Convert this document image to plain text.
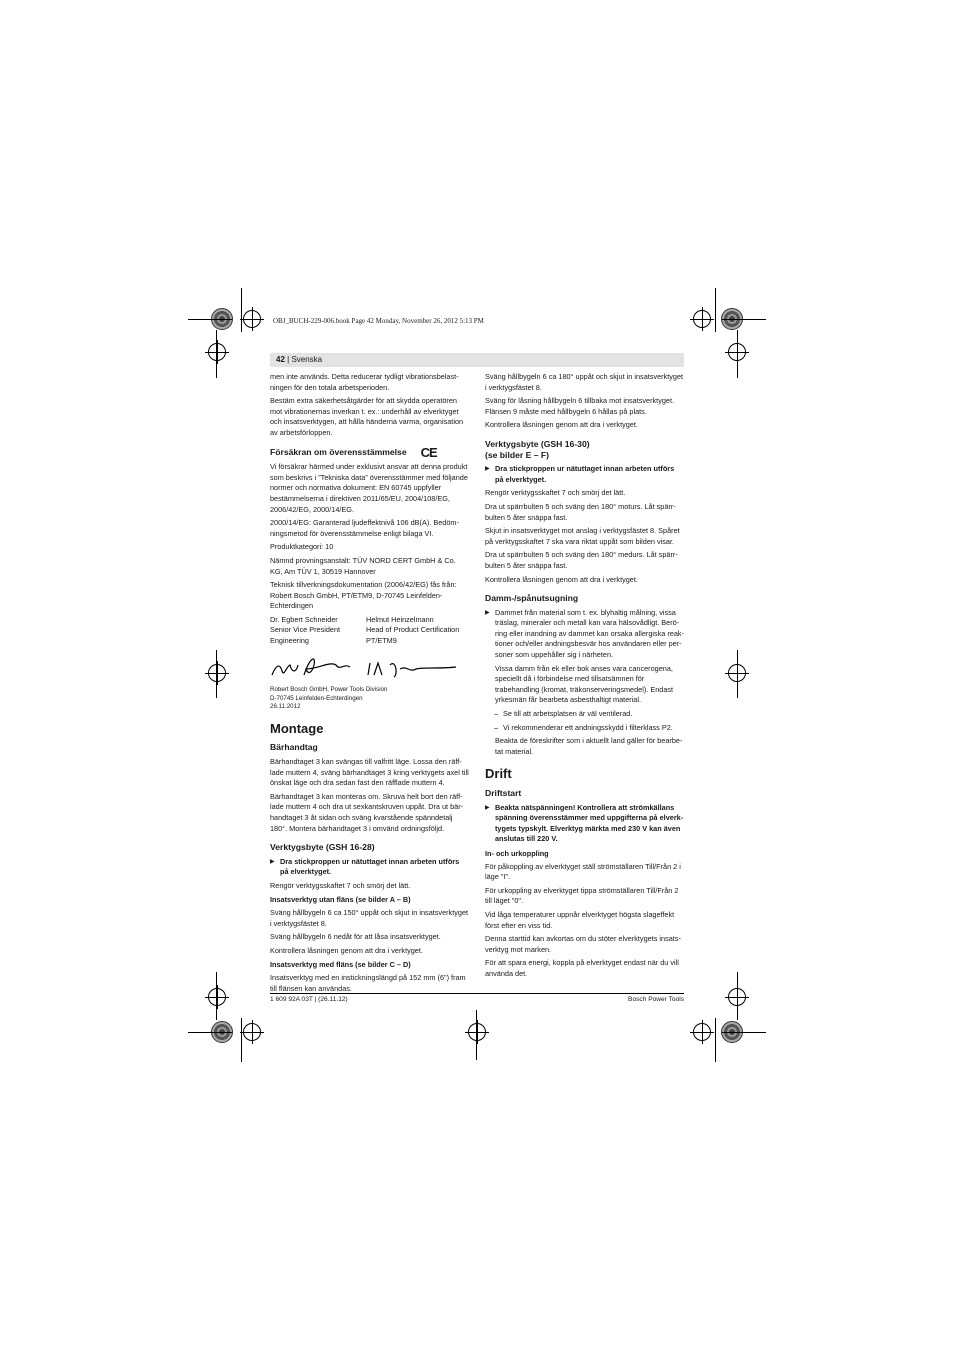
OBJ_BUCH-229-006.book Page 42 Monday, November 26, 2012 5:13 PM
42 | Svenska

men inte används. Detta reducerar tydligt vibrationsbelastningen för den totala arbetsperioden.

Bestäm extra säkerhetsåtgärder för att skydda operatören mot vibrationernas inverkan t. ex.: underhåll av elverktyget och insatsverktygen, att hålla händerna varma, organisation av arbetsförloppen.

Försäkran om överensstämmelse CE

Vi försäkrar härmed under exklusivt ansvar att denna produkt som beskrivs i ”Tekniska data” överensstämmer med följande normer och normativa dokument: EN 60745 uppfyller bestämmelserna i direktiven 2011/65/EU, 2004/108/EG, 2006/42/EG, 2000/14/EG.

2000/14/EG: Garanterad ljudeffektnivå 106 dB(A). Bedömningsmetod för överensstämmelse enligt bilaga VI.

Produktkategori: 10

Nämnd provningsanstalt: TÜV NORD CERT GmbH & Co. KG, Am TÜV 1, 30519 Hannover

Teknisk tillverkningsdokumentation (2006/42/EG) fås från: Robert Bosch GmbH, PT/ETM9, D-70745 Leinfelden-Echterdingen

Dr. Egbert Schneider
Senior Vice President Engineering
Helmut Heinzelmann
Head of Product Certification PT/ETM9
Robert Bosch GmbH, Power Tools Division
D-70745 Leinfelden-Echterdingen
26.11.2012
Montage
Bärhandtag

Bärhandtaget 3 kan svängas till valfritt läge. Lossa den räfflade muttern 4, sväng bärhandtaget 3 kring verktygets axel till önskat läge och dra sedan fast den räfflade muttern 4.

Bärhandtaget 3 kan monteras om. Skruva helt bort den räfflade muttern 4 och dra ut sexkantskruven uppåt. Dra ut bärhandtaget 3 åt sidan och sväng kvarstående spänndetalj 180°. Montera bärhandtaget 3 i omvänd ordningsföljd.

Verktygsbyte (GSH 16-28)

▶ Dra stickproppen ur nätuttaget innan arbeten utförs på elverktyget.

Rengör verktygsskaftet 7 och smörj det lätt.

Insatsverktyg utan fläns (se bilder A – B)

Sväng hållbygeln 6 ca 150° uppåt och skjut in insatsverktyget i verktygsfästet 8.

Sväng hållbygeln 6 nedåt för att låsa insatsverktyget.

Kontrollera låsningen genom att dra i verktyget.

Insatsverktyg med fläns (se bilder C – D)

Insatsverktyg med en instickningslängd på 152 mm (6") fram till flänsen kan användas.

Sväng hållbygeln 6 ca 180° uppåt och skjut in insatsverktyget i verktygsfästet 8.

Sväng för låsning hållbygeln 6 tillbaka mot insatsverktyget. Flänsen 9 måste med hållbygeln 6 hållas på plats.

Kontrollera låsningen genom att dra i verktyget.

Verktygsbyte (GSH 16-30)
(se bilder E – F)

▶ Dra stickproppen ur nätuttaget innan arbeten utförs på elverktyget.

Rengör verktygsskaftet 7 och smörj det lätt.

Dra ut spärrbulten 5 och sväng den 180° moturs. Låt spärrbulten 5 åter snäppa fast.

Skjut in insatsverktyget mot anslag i verktygsfästet 8. Spåret på verktygsskaftet 7 ska vara riktat uppåt som bilden visar.

Dra ut spärrbulten 5 och sväng den 180° medurs. Låt spärrbulten 5 åter snäppa fast.

Kontrollera låsningen genom att dra i verktyget.

Damm-/spånutsugning

▶ Dammet från material som t. ex. blyhaltig målning, vissa träslag, mineraler och metall kan vara hälsovådligt. Beröring eller inandning av dammet kan orsaka allergiska reaktioner och/eller andningsbesvär hos användaren eller personer som uppehåller sig i närheten.

Vissa damm från ek eller bok anses vara cancerogena, speciellt då i förbindelse med tillsatsämnen för trabehandling (kromat, träkonserveringsmedel). Endast yrkesmän får bearbeta asbesthaltigt material.

– Se till att arbetsplatsen är väl ventilerad.

– Vi rekommenderar ett andningsskydd i filterklass P2.

Beakta de föreskrifter som i aktuellt land gäller för bearbetat material.

Drift
Driftstart

▶ Beakta nätspänningen! Kontrollera att strömkällans spänning överensstämmer med uppgifterna på elverktygets typskylt. Elverktyg märkta med 230 V kan även anslutas till 220 V.

In- och urkoppling

För påkoppling av elverktyget ställ strömställaren Till/Från 2 i läge "I".

För urkoppling av elverktyget tippa strömställaren Till/Från 2 till läget "0".

Vid låga temperaturer uppnår elverktyget högsta slageffekt först efter en viss tid.

Denna starttid kan avkortas om du stöter elverktygets insatsverktyg mot marken.

För att spara energi, koppla på elverktyget endast när du vill använda det.

1 609 92A 03T | (26.11.12)	Bosch Power Tools
